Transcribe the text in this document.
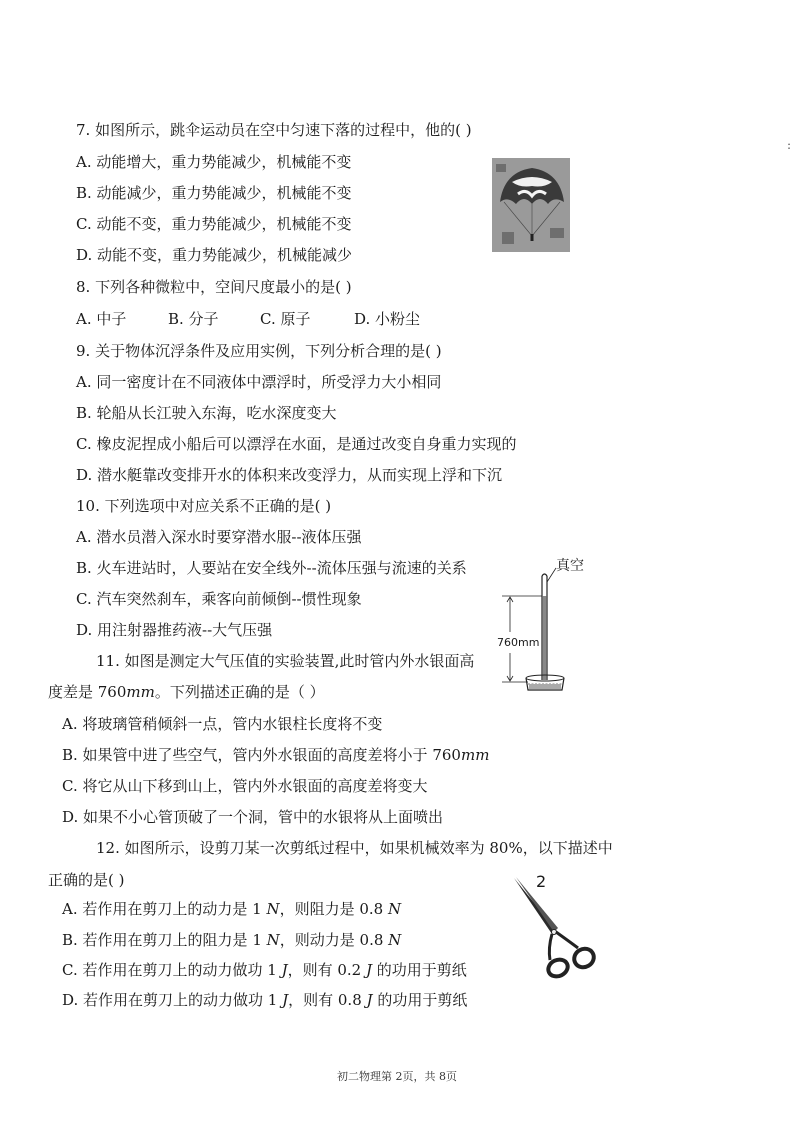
7. 如图所示，跳伞运动员在空中匀速下落的过程中，他的( )
A. 动能增大，重力势能减少，机械能不变
B. 动能减少，重力势能减少，机械能不变
C. 动能不变，重力势能减少，机械能不变
D. 动能不变，重力势能减少，机械能减少
8. 下列各种微粒中，空间尺度最小的是( )
A. 中子	B. 分子	C. 原子	D. 小粉尘
9. 关于物体沉浮条件及应用实例，下列分析合理的是( )
A. 同一密度计在不同液体中漂浮时，所受浮力大小相同
B. 轮船从长江驶入东海，吃水深度变大
C. 橡皮泥捏成小船后可以漂浮在水面，是通过改变自身重力实现的
D. 潜水艇靠改变排开水的体积来改变浮力，从而实现上浮和下沉
10. 下列选项中对应关系不正确的是( )
A. 潜水员潜入深水时要穿潜水服--液体压强
B. 火车进站时，人要站在安全线外--流体压强与流速的关系
C. 汽车突然刹车，乘客向前倾倒--惯性现象
D. 用注射器推药液--大气压强
真空
760mm
11. 如图是测定大气压值的实验装置,此时管内外水银面高
度差是 760mm。下列描述正确的是（ ）
A. 将玻璃管稍倾斜一点，管内水银柱长度将不变
B. 如果管中进了些空气，管内外水银面的高度差将小于 760mm
C. 将它从山下移到山上，管内外水银面的高度差将变大
D. 如果不小心管顶破了一个洞，管中的水银将从上面喷出
12. 如图所示，设剪刀某一次剪纸过程中，如果机械效率为 80%，以下描述中
正确的是( )
A. 若作用在剪刀上的动力是 1 N，则阻力是 0.8 N
B. 若作用在剪刀上的阻力是 1 N，则动力是 0.8 N
C. 若作用在剪刀上的动力做功 1 J，则有 0.2 J 的功用于剪纸
D. 若作用在剪刀上的动力做功 1 J，则有 0.8 J 的功用于剪纸
2
初二物理第 2页，共 8页
:
